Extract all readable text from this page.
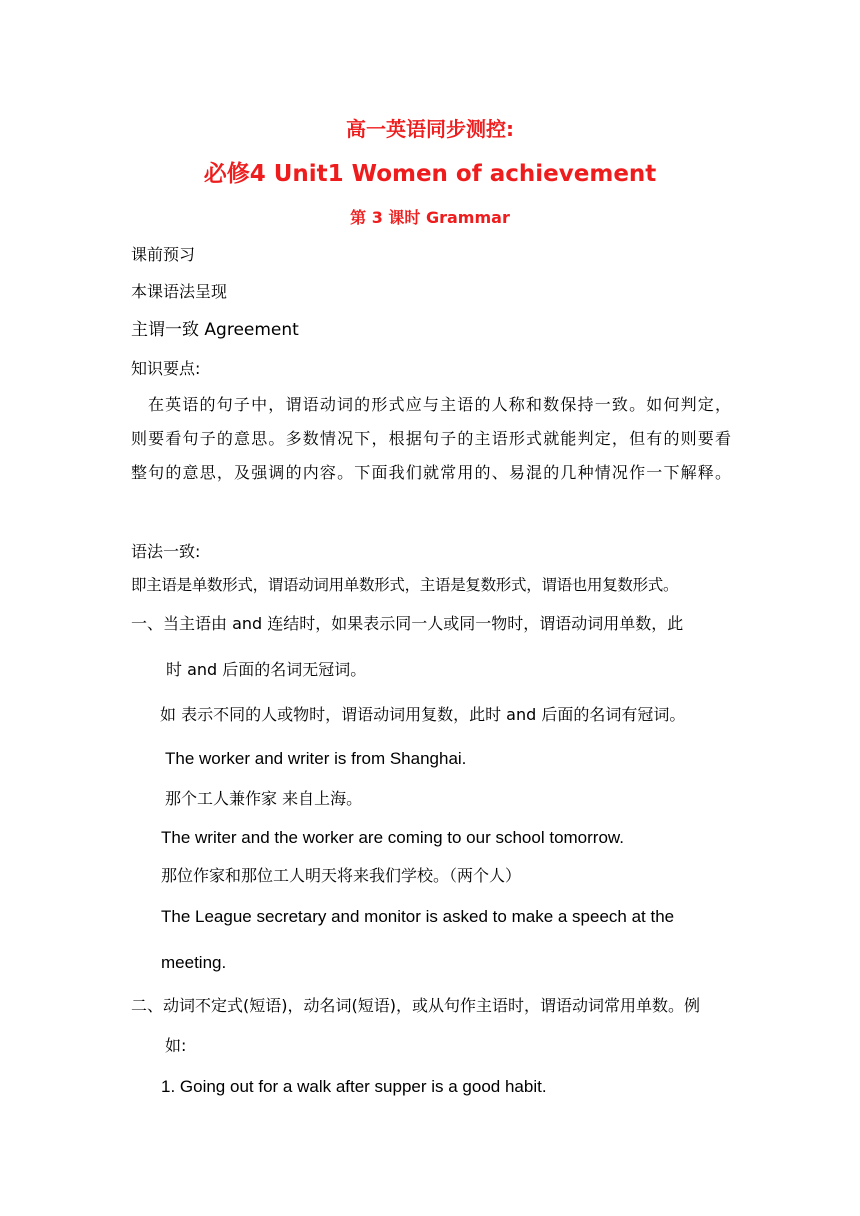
高一英语同步测控:
必修4 Unit1 Women of achievement
第 3 课时 Grammar
课前预习
本课语法呈现
主谓一致 Agreement
知识要点:
在英语的句子中，谓语动词的形式应与主语的人称和数保持一致。如何判定，
则要看句子的意思。多数情况下，根据句子的主语形式就能判定，但有的则要看
整句的意思，及强调的内容。下面我们就常用的、易混的几种情况作一下解释。
语法一致:
即主语是单数形式，谓语动词用单数形式，主语是复数形式，谓语也用复数形式。
一、当主语由 and 连结时，如果表示同一人或同一物时，谓语动词用单数，此
时 and 后面的名词无冠词。
如 表示不同的人或物时，谓语动词用复数，此时 and 后面的名词有冠词。
The worker and writer is from Shanghai.
那个工人兼作家 来自上海。
The writer and the worker are coming to our school tomorrow.
那位作家和那位工人明天将来我们学校。（两个人）
The League secretary and monitor is asked to make a speech at the
meeting.
二、动词不定式(短语)，动名词(短语)，或从句作主语时，谓语动词常用单数。例
如:
1. Going out for a walk after supper is a good habit.
